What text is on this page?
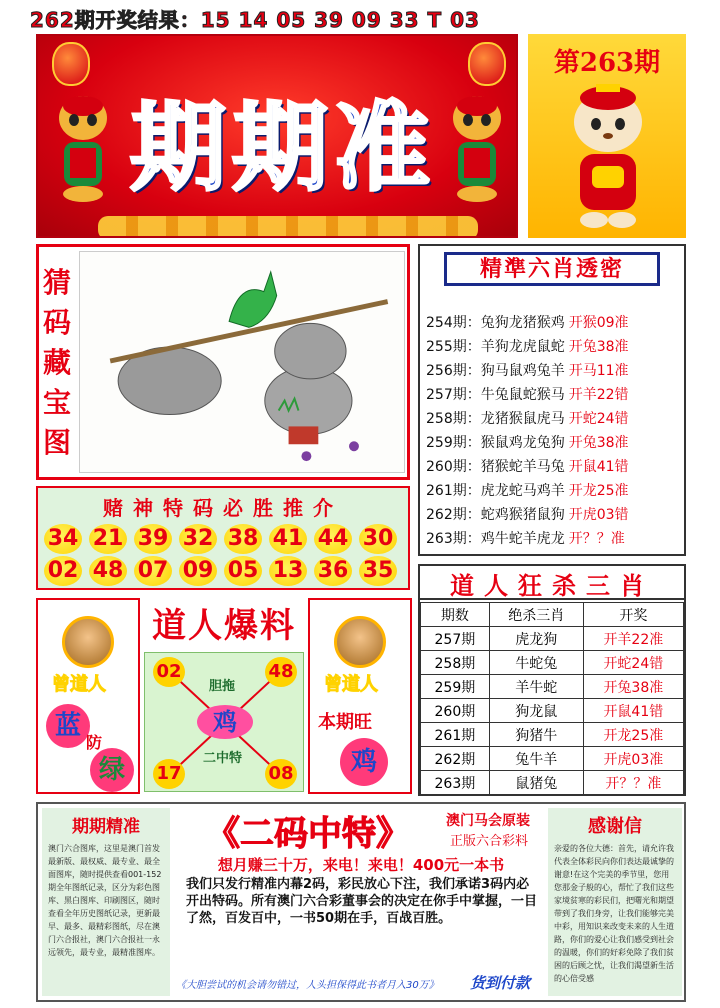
262期开奖结果：15 14 05 39 09 33 T 03
期期准
第263期
猜
码
藏
宝
图
精準六肖透密
254期：兔狗龙猪猴鸡 开猴09准
255期：羊狗龙虎鼠蛇 开兔38准
256期：狗马鼠鸡兔羊 开马11准
257期：牛兔鼠蛇猴马 开羊22错
258期：龙猪猴鼠虎马 开蛇24错
259期：猴鼠鸡龙兔狗 开兔38准
260期：猪猴蛇羊马兔 开鼠41错
261期：虎龙蛇马鸡羊 开龙25准
262期：蛇鸡猴猪鼠狗 开虎03错
263期：鸡牛蛇羊虎龙 开？？准
赌神特码必胜推介
34 21 39 32 38 41 44 30
02 48 07 09 05 13 36 35
道人狂杀三肖
期数	绝杀三肖	开奖
257期	虎龙狗	开羊22准
258期	牛蛇兔	开蛇24错
259期	羊牛蛇	开兔38准
260期	狗龙鼠	开鼠41错
261期	狗猪牛	开龙25准
262期	兔牛羊	开虎03准
263期	鼠猪兔	开？？准
曾道人
蓝
防
绿
道人爆料
02	48
17	08
胆拖
鸡
二中特
曾道人
本期旺
鸡
期期精准
澳门六合图库，这里是澳门首发最新版、最权威、最专业、最全面图库，随时提供查看001-152期全年图纸记录，区分为彩色图库、黑白图库、印刷图区，随时查看全年历史图纸记录，更新最早、最多、最精彩图纸，尽在澳门六合报社，澳门六合报社一永远领先，最专业，最精准图库。
《二码中特》	澳门马会原装
正版六合彩料
想月赚三十万，来电！来电！400元一本书
我们只发行精准内幕2码，彩民放心下注，我们承诺3码内必开出特码。所有澳门六合彩董事会的决定在你手中掌握，一目了然，百发百中，一书50期在手，百战百胜。
《大胆尝试的机会请勿错过，人头担保得此书者月入30万》 货到付款
感谢信
亲爱的各位大德：首先，请允许我代表全体彩民向你们表达最诚挚的谢意!在这个完美的季节里，您用您那金子般的心，帮忙了我们这些家境贫寒的彩民们，把曙光和期望带到了我们身旁，让我们能够完美中彩，用知识来改变未来的人生道路，你们的爱心让我们感受到社会的温暖，你们的好彩免除了我们贫困的后顾之忧，让我们渴望新生活的心倍受感
